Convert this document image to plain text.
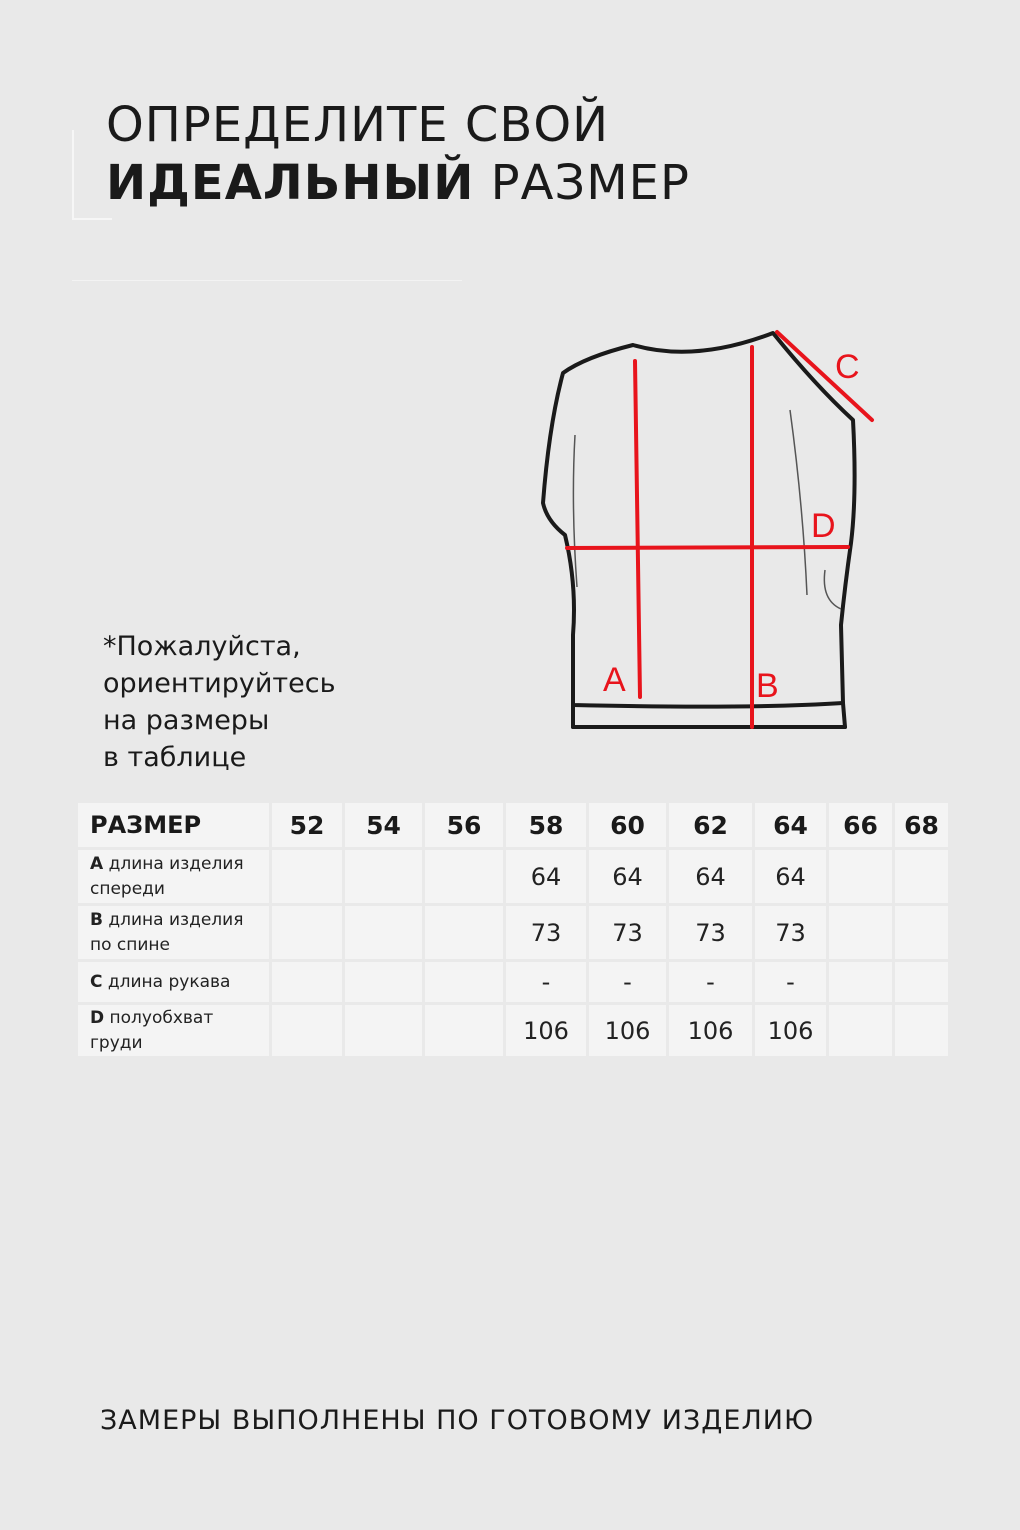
ОПРЕДЕЛИТЕ СВОЙ
ИДЕАЛЬНЫЙ РАЗМЕР
*Пожалуйста,
ориентируйтесь
на размеры
в таблице
A	B
C
D
РАЗМЕР	52	54	56	58	60	62	64	66	68
A длина изделия
спереди				64	64	64	64		
B длина изделия
по спине				73	73	73	73		
C длина рукава				-	-	-	-		
D полуобхват
груди				106	106	106	106		
ЗАМЕРЫ ВЫПОЛНЕНЫ ПО ГОТОВОМУ ИЗДЕЛИЮ
